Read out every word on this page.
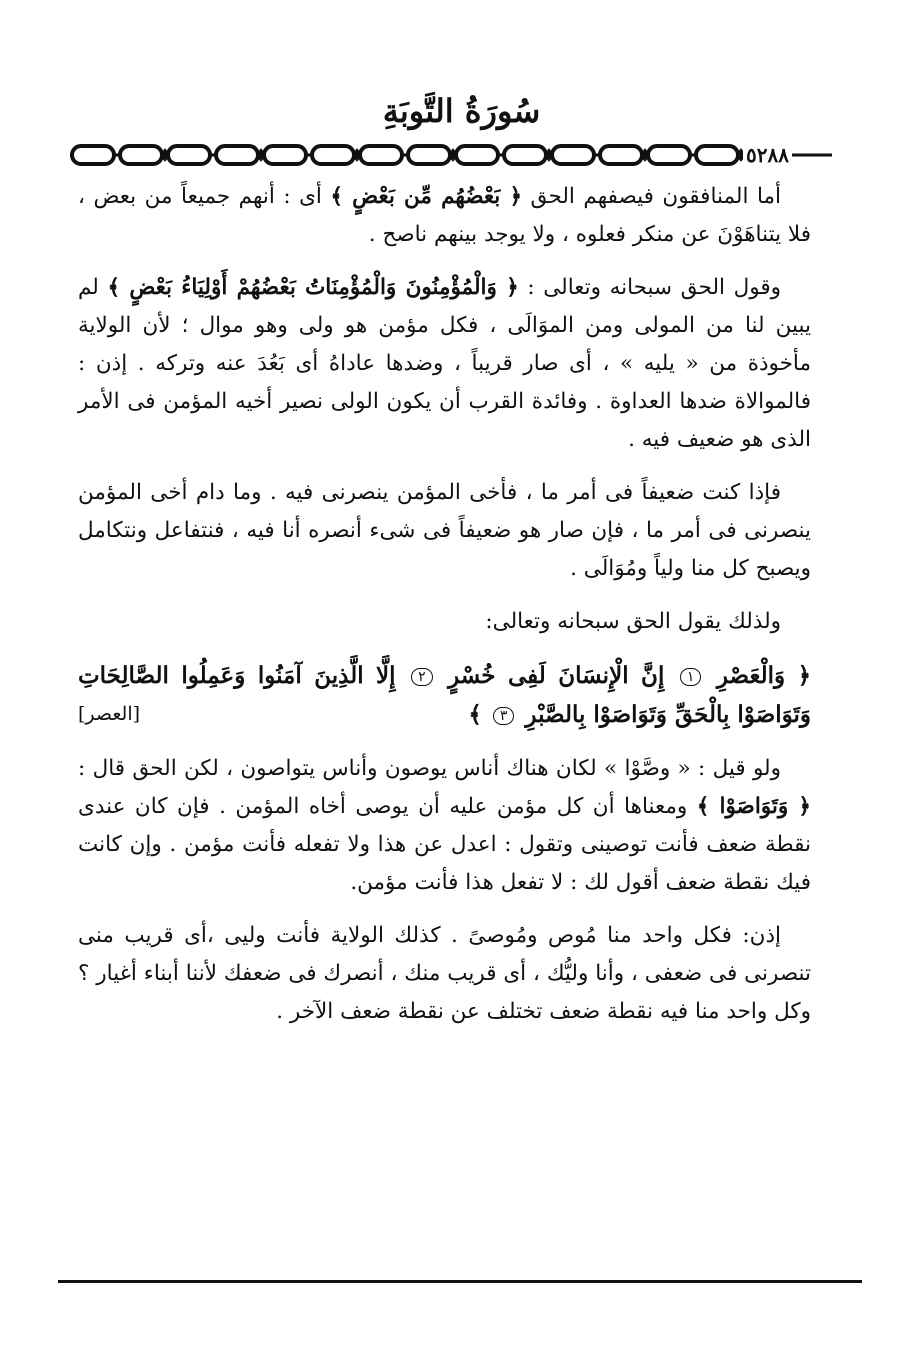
سُورَةُ التَّوبَةِ
٥٢٨٨

أما المنافقون فيصفهم الحق ﴿ بَعْضُهُم مِّن بَعْضٍ ﴾ أى : أنهم جميعاً من بعض ، فلا يتناهَوْنَ عن منكر فعلوه ، ولا يوجد بينهم ناصح .

وقول الحق سبحانه وتعالى : ﴿ وَالْمُؤْمِنُونَ وَالْمُؤْمِنَاتُ بَعْضُهُمْ أَوْلِيَاءُ بَعْضٍ ﴾ لم يبين لنا من المولى ومن الموَالَى ، فكل مؤمن هو ولى وهو موال ؛ لأن الولاية مأخوذة من « يليه » ، أى صار قريباً ، وضدها عاداهُ أى بَعُدَ عنه وتركه . إذن : فالموالاة ضدها العداوة . وفائدة القرب أن يكون الولى نصير أخيه المؤمن فى الأمر الذى هو ضعيف فيه .

فإذا كنت ضعيفاً فى أمر ما ، فأخى المؤمن ينصرنى فيه . وما دام أخى المؤمن ينصرنى فى أمر ما ، فإن صار هو ضعيفاً فى شىء أنصره أنا فيه ، فنتفاعل ونتكامل ويصبح كل منا ولياً ومُوَالَى .

ولذلك يقول الحق سبحانه وتعالى:

﴿ وَالْعَصْرِ ١ إِنَّ الْإِنسَانَ لَفِى خُسْرٍ ٢ إِلَّا الَّذِينَ آمَنُوا وَعَمِلُوا الصَّالِحَاتِ وَتَوَاصَوْا بِالْحَقِّ وَتَوَاصَوْا بِالصَّبْرِ ٣ ﴾
[العصر]

ولو قيل : « وصَّوْا » لكان هناك أناس يوصون وأناس يتواصون ، لكن الحق قال : ﴿ وَتَوَاصَوْا ﴾ ومعناها أن كل مؤمن عليه أن يوصى أخاه المؤمن . فإن كان عندى نقطة ضعف فأنت توصينى وتقول : اعدل عن هذا ولا تفعله فأنت مؤمن . وإن كانت فيك نقطة ضعف أقول لك : لا تفعل هذا فأنت مؤمن.

إذن: فكل واحد منا مُوص ومُوصىً . كذلك الولاية فأنت وليى ،أى قريب منى تنصرنى فى ضعفى ، وأنا وليُّك ، أى قريب منك ، أنصرك فى ضعفك لأننا أبناء أغيار ؟ وكل واحد منا فيه نقطة ضعف تختلف عن نقطة ضعف الآخر .
